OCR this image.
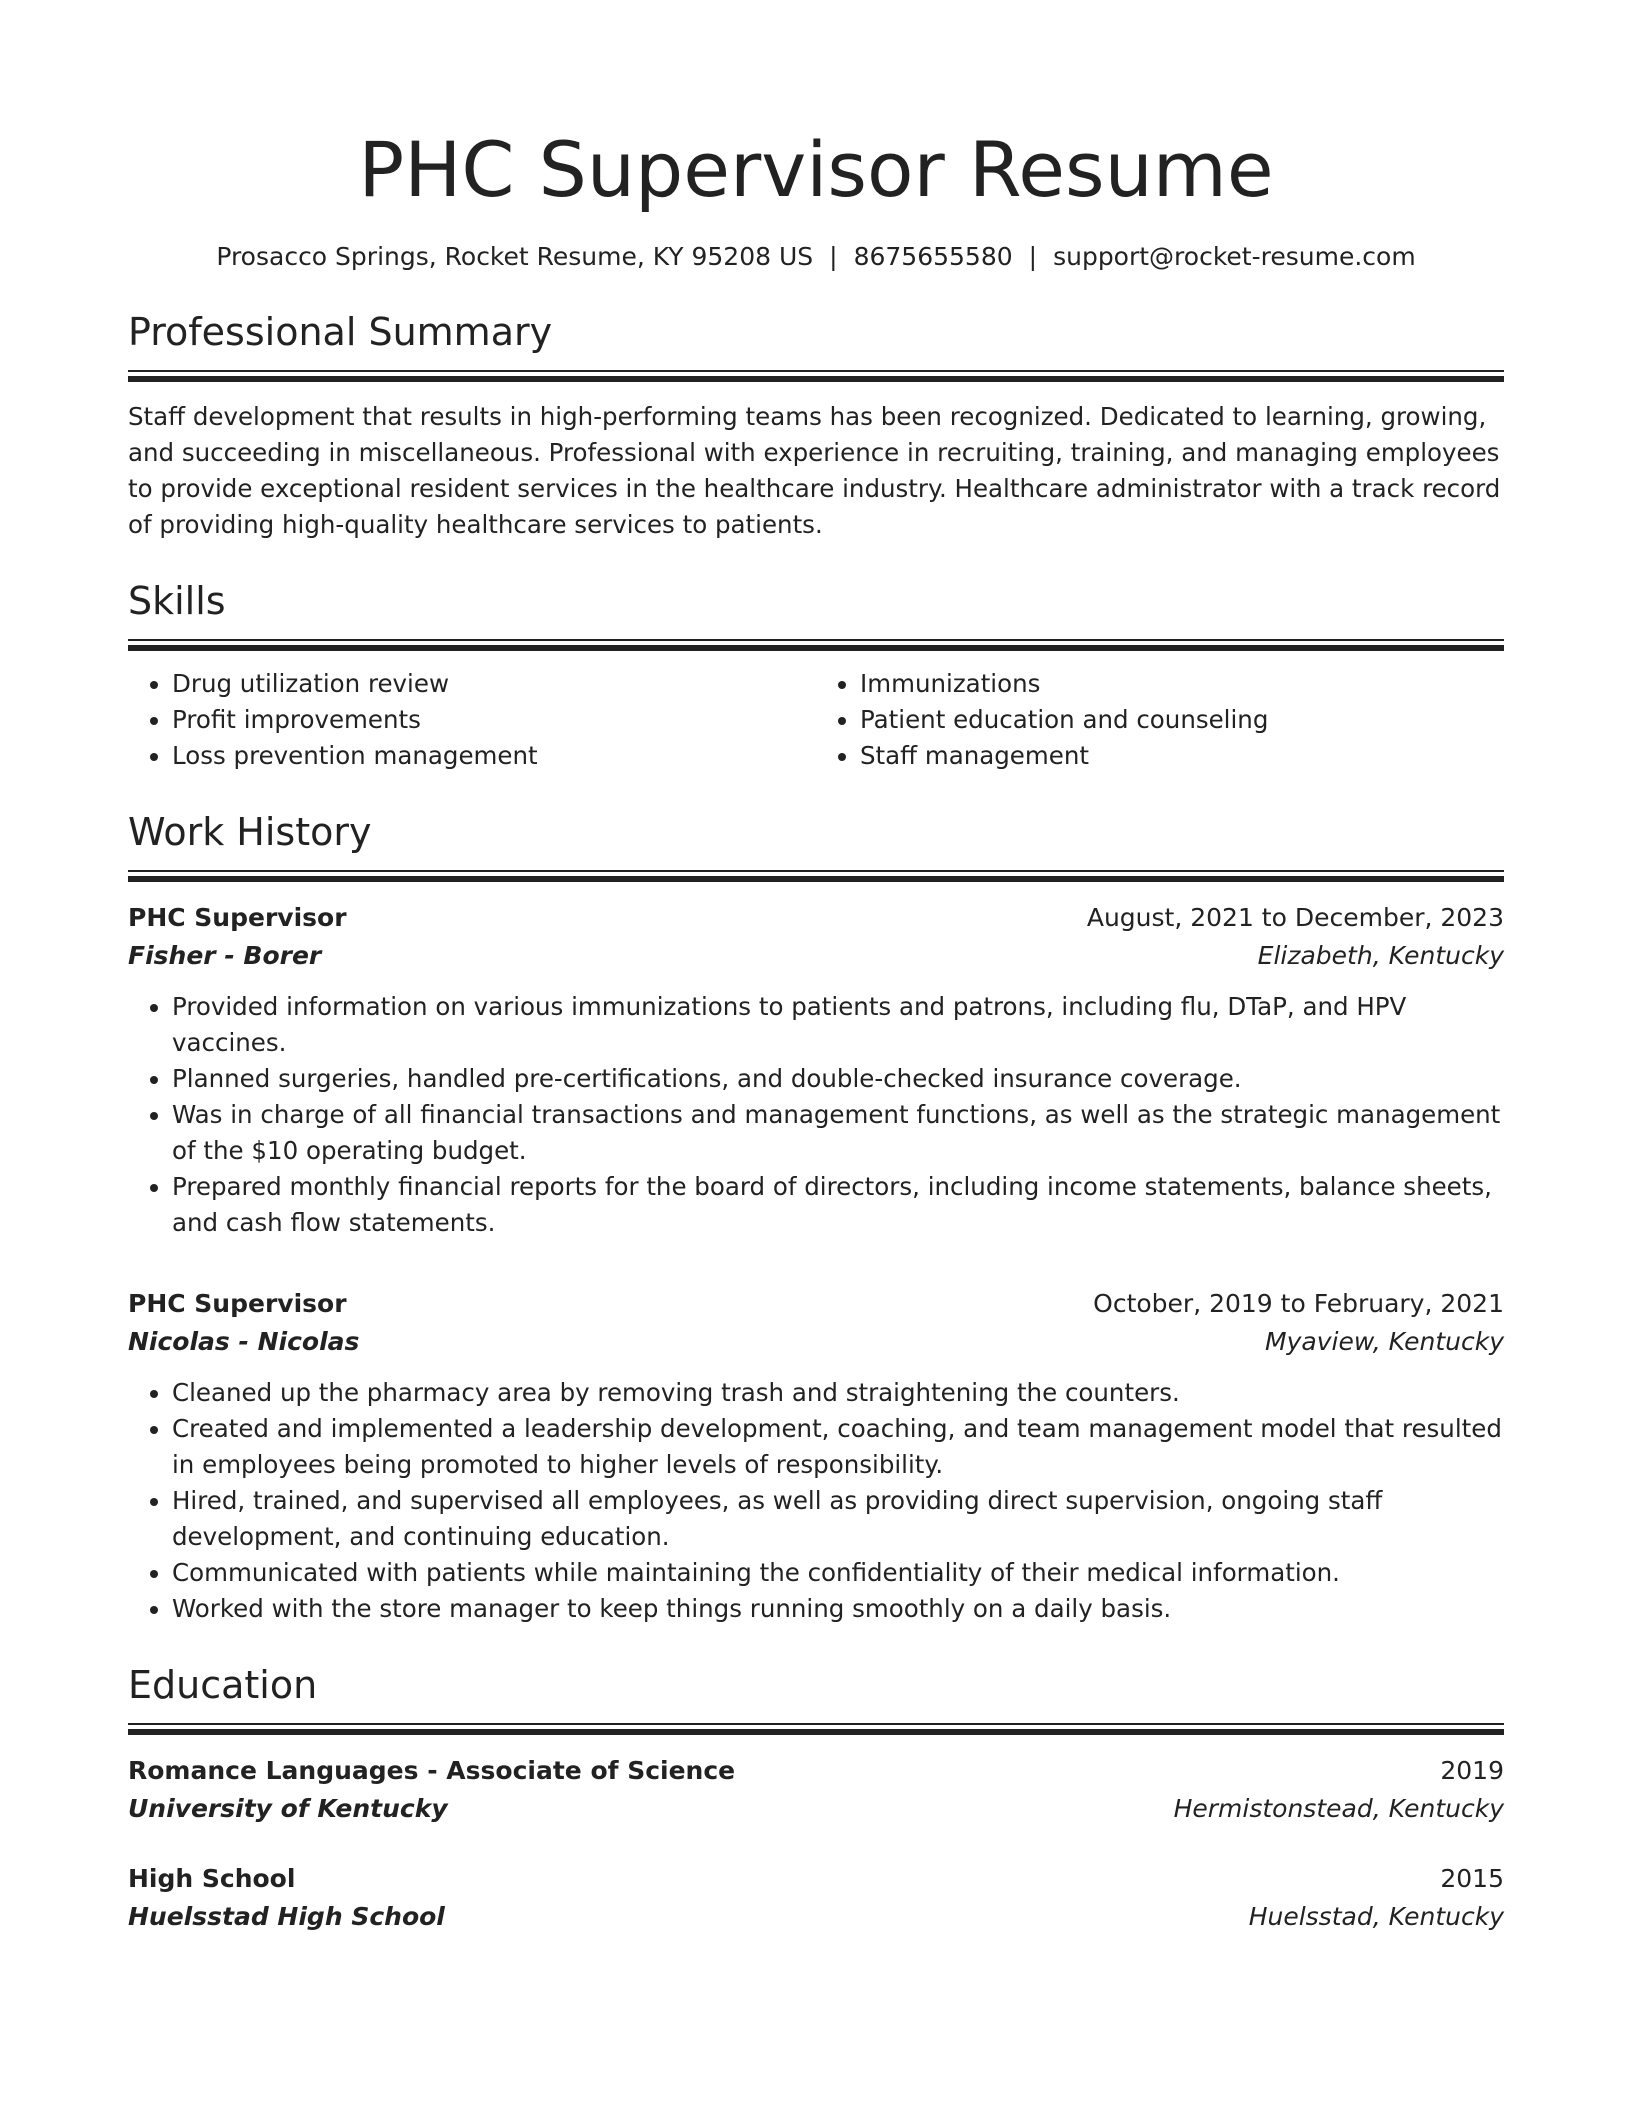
PHC Supervisor Resume
Prosacco Springs, Rocket Resume, KY 95208 US | 8675655580 | support@rocket-resume.com
Professional Summary
Staff development that results in high-performing teams has been recognized. Dedicated to learning, growing, and succeeding in miscellaneous. Professional with experience in recruiting, training, and managing employees to provide exceptional resident services in the healthcare industry. Healthcare administrator with a track record of providing high-quality healthcare services to patients.
Skills
• Drug utilization review
• Profit improvements
• Loss prevention management
• Immunizations
• Patient education and counseling
• Staff management
Work History
PHC Supervisor	August, 2021 to December, 2023
Fisher - Borer	Elizabeth, Kentucky
• Provided information on various immunizations to patients and patrons, including flu, DTaP, and HPV vaccines.
• Planned surgeries, handled pre-certifications, and double-checked insurance coverage.
• Was in charge of all financial transactions and management functions, as well as the strategic management of the $10 operating budget.
• Prepared monthly financial reports for the board of directors, including income statements, balance sheets, and cash flow statements.
PHC Supervisor	October, 2019 to February, 2021
Nicolas - Nicolas	Myaview, Kentucky
• Cleaned up the pharmacy area by removing trash and straightening the counters.
• Created and implemented a leadership development, coaching, and team management model that resulted in employees being promoted to higher levels of responsibility.
• Hired, trained, and supervised all employees, as well as providing direct supervision, ongoing staff development, and continuing education.
• Communicated with patients while maintaining the confidentiality of their medical information.
• Worked with the store manager to keep things running smoothly on a daily basis.
Education
Romance Languages - Associate of Science	2019
University of Kentucky	Hermistonstead, Kentucky
High School	2015
Huelsstad High School	Huelsstad, Kentucky
